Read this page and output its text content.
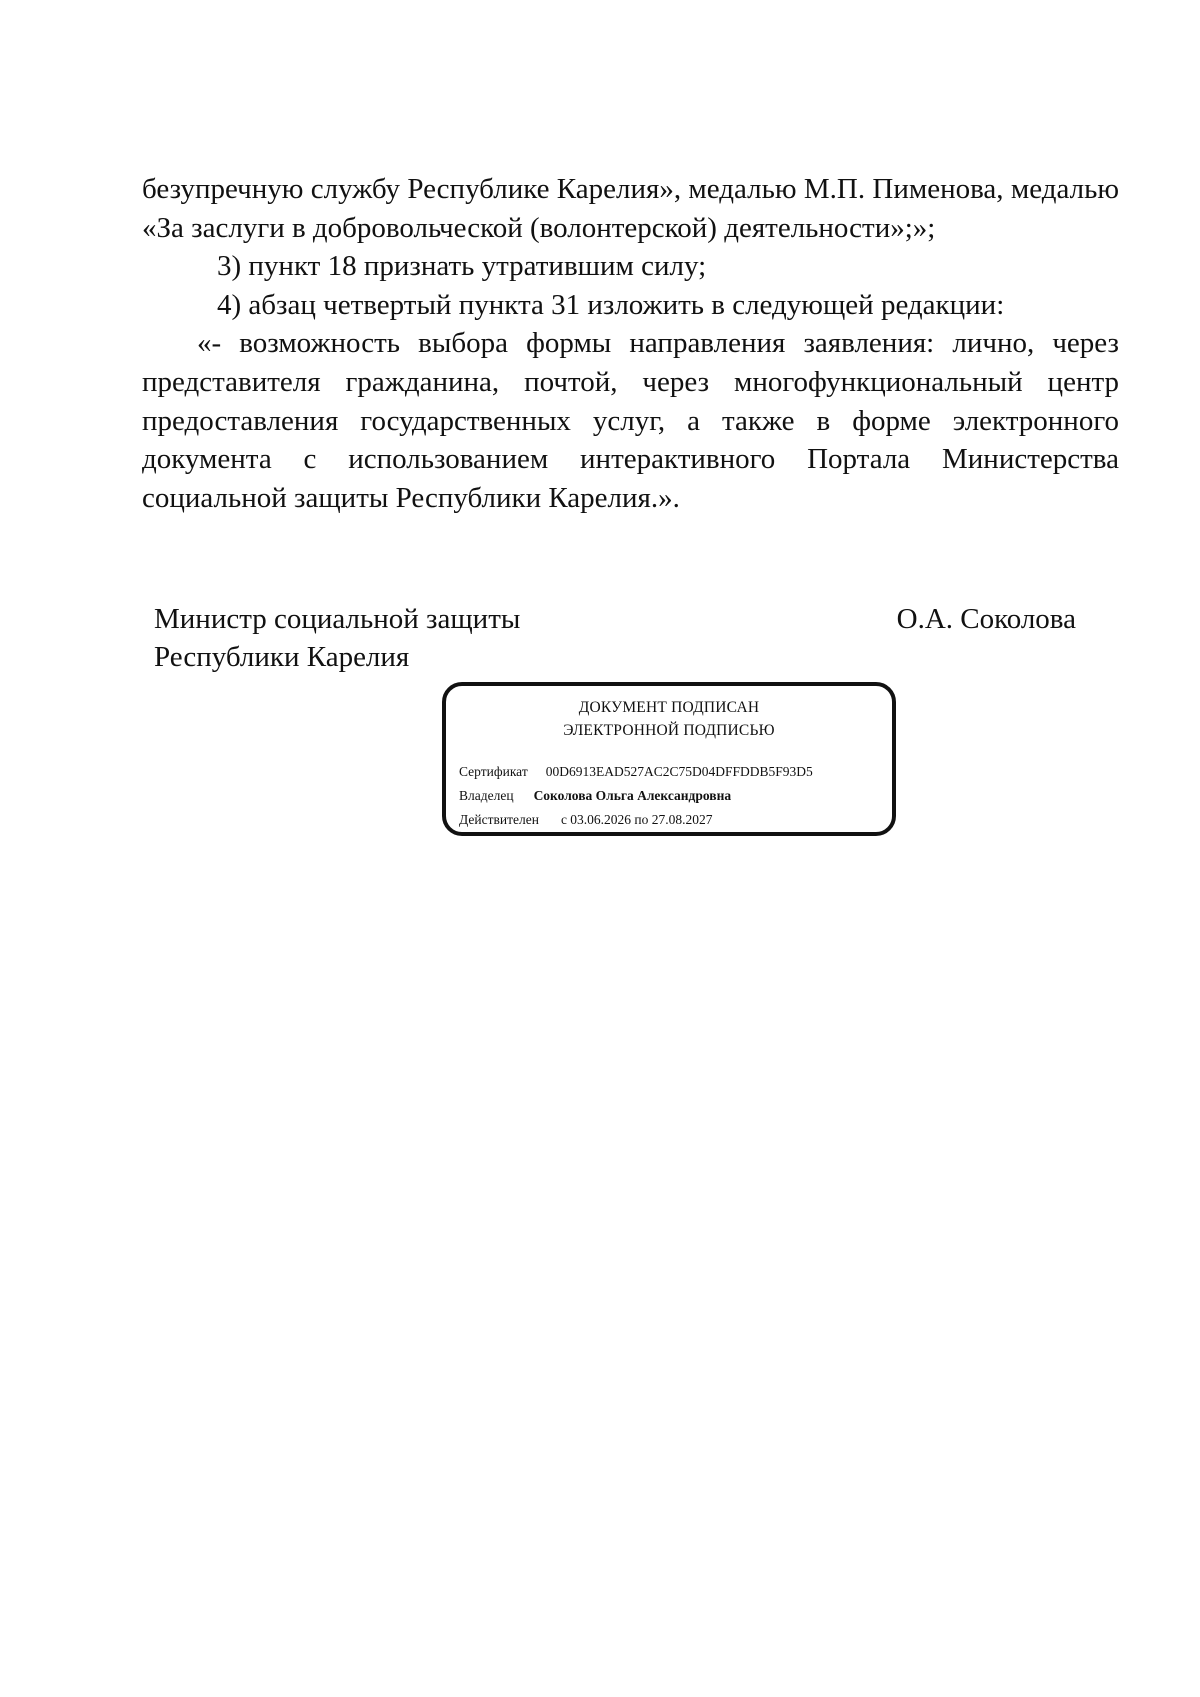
безупречную службу Республике Карелия», медалью М.П. Пименова, медалью «За заслуги в добровольческой (волонтерской) деятельности»;»;

3) пункт 18 признать утратившим силу;

4) абзац четвертый пункта 31 изложить в следующей редакции:

«- возможность выбора формы направления заявления: лично, через представителя гражданина, почтой, через многофункциональный центр предоставления государственных услуг, а также в форме электронного документа с использованием интерактивного Портала Министерства социальной защиты Республики Карелия.».

Министр социальной защиты
Республики Карелия
О.А. Соколова
ДОКУМЕНТ ПОДПИСАН
ЭЛЕКТРОННОЙ ПОДПИСЬЮ
Сертификат 00D6913EAD527AC2C75D04DFFDDB5F93D5
Владелец Соколова Ольга Александровна
Действителен с 03.06.2026 по 27.08.2027
